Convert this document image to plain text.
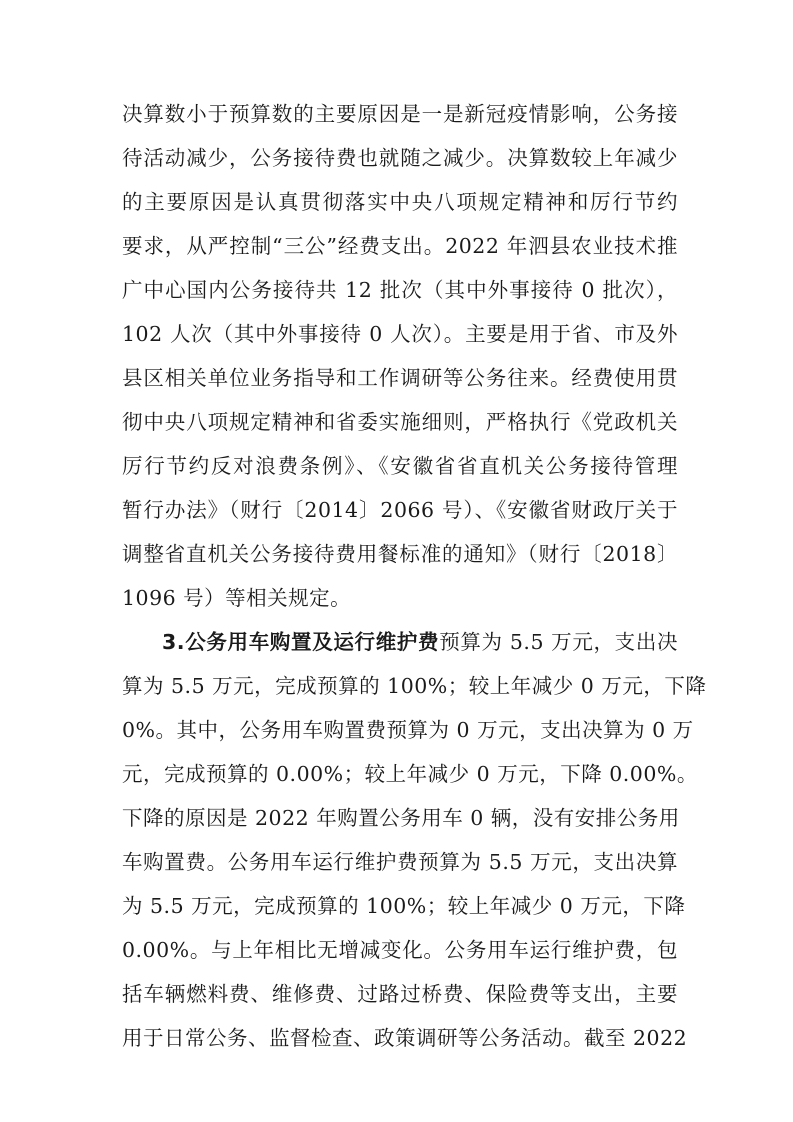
决算数小于预算数的主要原因是一是新冠疫情影响，公务接
待活动减少，公务接待费也就随之减少。决算数较上年减少
的主要原因是认真贯彻落实中央八项规定精神和厉行节约
要求，从严控制“三公”经费支出。2022 年泗县农业技术推
广中心国内公务接待共 12 批次（其中外事接待 0 批次），
102 人次（其中外事接待 0 人次）。主要是用于省、市及外
县区相关单位业务指导和工作调研等公务往来。经费使用贯
彻中央八项规定精神和省委实施细则，严格执行《党政机关
厉行节约反对浪费条例》、《安徽省省直机关公务接待管理
暂行办法》（财行〔2014〕2066 号）、《安徽省财政厅关于
调整省直机关公务接待费用餐标准的通知》（财行〔2018〕
1096 号）等相关规定。
3.公务用车购置及运行维护费预算为 5.5 万元，支出决
算为 5.5 万元，完成预算的 100%；较上年减少 0 万元，下降
0%。其中，公务用车购置费预算为 0 万元，支出决算为 0 万
元，完成预算的 0.00%；较上年减少 0 万元，下降 0.00%。
下降的原因是 2022 年购置公务用车 0 辆，没有安排公务用
车购置费。公务用车运行维护费预算为 5.5 万元，支出决算
为 5.5 万元，完成预算的 100%；较上年减少 0 万元，下降
0.00%。与上年相比无增减变化。公务用车运行维护费，包
括车辆燃料费、维修费、过路过桥费、保险费等支出，主要
用于日常公务、监督检查、政策调研等公务活动。截至 2022
